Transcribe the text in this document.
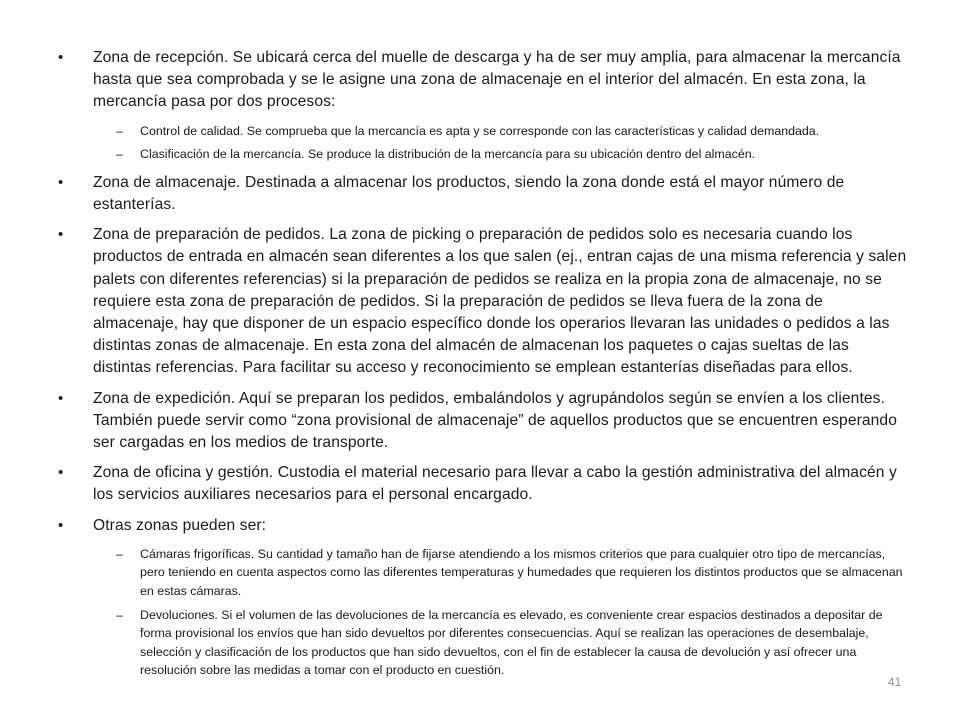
• Zona de recepción. Se ubicará cerca del muelle de descarga y ha de ser muy amplia, para almacenar la mercancía hasta que sea comprobada y se le asigne una zona de almacenaje en el interior del almacén. En esta zona, la mercancía pasa por dos procesos:
– Control de calidad. Se comprueba que la mercancía es apta y se corresponde con las características y calidad demandada.
– Clasificación de la mercancía. Se produce la distribución de la mercancía para su ubicación dentro del almacén.
• Zona de almacenaje. Destinada a almacenar los productos, siendo la zona donde está el mayor número de estanterías.
• Zona de preparación de pedidos. La zona de picking o preparación de pedidos solo es necesaria cuando los productos de entrada en almacén sean diferentes a los que salen (ej., entran cajas de una misma referencia y salen palets con diferentes referencias) si la preparación de pedidos se realiza en la propia zona de almacenaje, no se requiere esta zona de preparación de pedidos. Si la preparación de pedidos se lleva fuera de la zona de almacenaje, hay que disponer de un espacio específico donde los operarios llevaran las unidades o pedidos a las distintas zonas de almacenaje. En esta zona del almacén de almacenan los paquetes o cajas sueltas de las distintas referencias. Para facilitar su acceso y reconocimiento se emplean estanterías diseñadas para ellos.
• Zona de expedición. Aquí se preparan los pedidos, embalándolos y agrupándolos según se envíen a los clientes. También puede servir como “zona provisional de almacenaje” de aquellos productos que se encuentren esperando ser cargadas en los medios de transporte.
• Zona de oficina y gestión. Custodia el material necesario para llevar a cabo la gestión administrativa del almacén y los servicios auxiliares necesarios para el personal encargado.
• Otras zonas pueden ser:
– Cámaras frigoríficas. Su cantidad y tamaño han de fijarse atendiendo a los mismos criterios que para cualquier otro tipo de mercancías, pero teniendo en cuenta aspectos como las diferentes temperaturas y humedades que requieren los distintos productos que se almacenan en estas cámaras.
– Devoluciones. Si el volumen de las devoluciones de la mercancía es elevado, es conveniente crear espacios destinados a depositar de forma provisional los envíos que han sido devueltos por diferentes consecuencias. Aquí se realizan las operaciones de desembalaje, selección y clasificación de los productos que han sido devueltos, con el fin de establecer la causa de devolución y así ofrecer una resolución sobre las medidas a tomar con el producto en cuestión.
41
